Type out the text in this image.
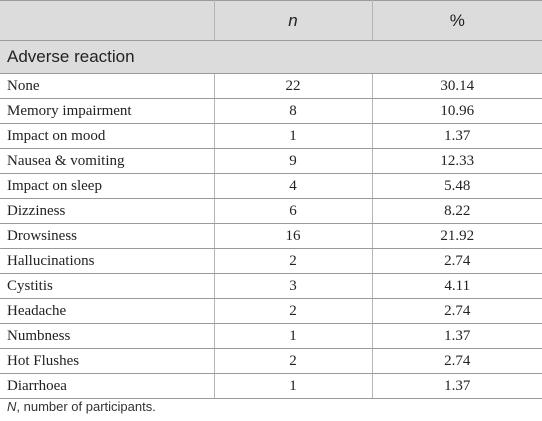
	n	%
Adverse reaction		
None	22	30.14
Memory impairment	8	10.96
Impact on mood	1	1.37
Nausea & vomiting	9	12.33
Impact on sleep	4	5.48
Dizziness	6	8.22
Drowsiness	16	21.92
Hallucinations	2	2.74
Cystitis	3	4.11
Headache	2	2.74
Numbness	1	1.37
Hot Flushes	2	2.74
Diarrhoea	1	1.37
N, number of participants.
